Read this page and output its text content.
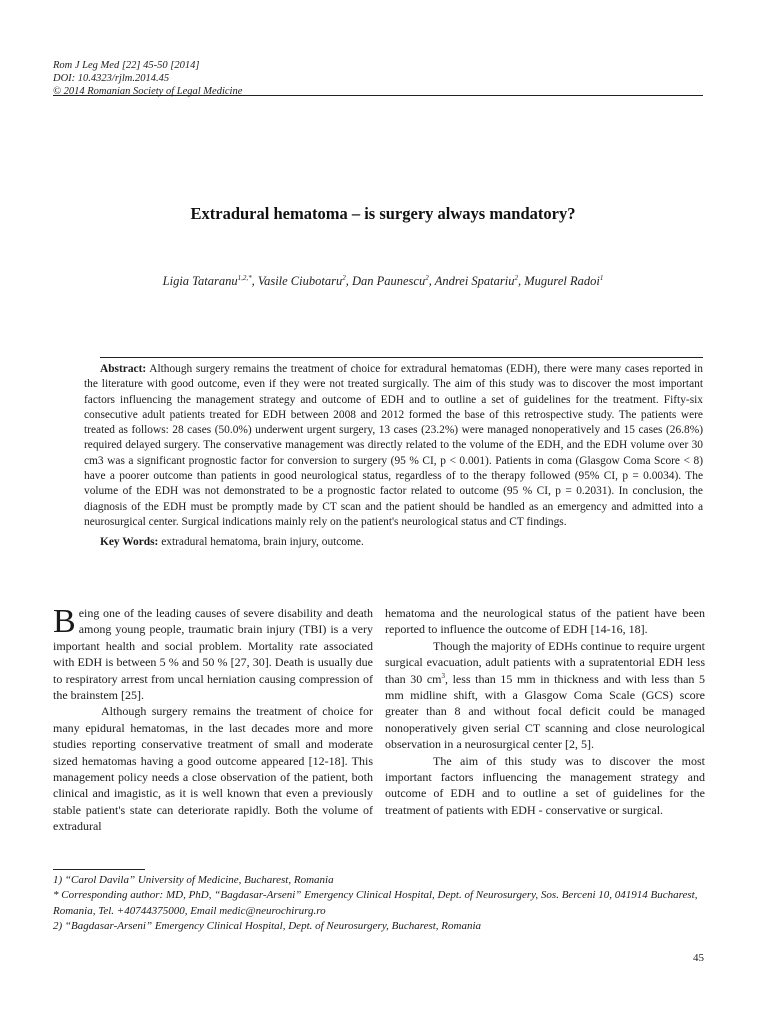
Rom J Leg Med [22] 45-50 [2014]
DOI: 10.4323/rjlm.2014.45
© 2014 Romanian Society of Legal Medicine
Extradural hematoma – is surgery always mandatory?
Ligia Tataranu$^{1,2,*}$, Vasile Ciubotaru$^2$, Dan Paunescu$^2$, Andrei Spatariu$^2$, Mugurel Radoi$^1$

Abstract: Although surgery remains the treatment of choice for extradural hematomas (EDH), there were many cases reported in the literature with good outcome, even if they were not treated surgically. The aim of this study was to discover the most important factors influencing the management strategy and outcome of EDH and to outline a set of guidelines for the treatment. Fifty-six consecutive adult patients treated for EDH between 2008 and 2012 formed the base of this retrospective study. The patients were treated as follows: 28 cases (50.0%) underwent urgent surgery, 13 cases (23.2%) were managed nonoperatively and 15 cases (26.8%) required delayed surgery. The conservative management was directly related to the volume of the EDH, and the EDH volume over 30 cm3 was a significant prognostic factor for conversion to surgery (95 % CI, p < 0.001). Patients in coma (Glasgow Coma Score < 8) have a poorer outcome than patients in good neurological status, regardless of to the therapy followed (95% CI, p = 0.0034). The volume of the EDH was not demonstrated to be a prognostic factor related to outcome (95 % CI, p = 0.2031). In conclusion, the diagnosis of the EDH must be promptly made by CT scan and the patient should be handled as an emergency and admitted into a neurosurgical center. Surgical indications mainly rely on the patient's neurological status and CT findings.

Key Words: extradural hematoma, brain injury, outcome.

Being one of the leading causes of severe disability and death among young people, traumatic brain injury (TBI) is a very important health and social problem. Mortality rate associated with EDH is between 5 % and 50 % [27, 30]. Death is usually due to respiratory arrest from uncal herniation causing compression of the brainstem [25].

Although surgery remains the treatment of choice for many epidural hematomas, in the last decades more and more studies reporting conservative treatment of small and moderate sized hematomas having a good outcome appeared [12-18]. This management policy needs a close observation of the patient, both clinical and imagistic, as it is well known that even a previously stable patient's state can deteriorate rapidly. Both the volume of extradural

hematoma and the neurological status of the patient have been reported to influence the outcome of EDH [14-16, 18].

Though the majority of EDHs continue to require urgent surgical evacuation, adult patients with a supratentorial EDH less than 30 $cm^3$, less than 15 mm in thickness and with less than 5 mm midline shift, with a Glasgow Coma Scale (GCS) score greater than 8 and without focal deficit could be managed nonoperatively given serial CT scanning and close neurological observation in a neurosurgical center [2, 5].

The aim of this study was to discover the most important factors influencing the management strategy and outcome of EDH and to outline a set of guidelines for the treatment of patients with EDH - conservative or surgical.

1) “Carol Davila” University of Medicine, Bucharest, Romania

* Corresponding author: MD, PhD, “Bagdasar-Arseni” Emergency Clinical Hospital, Dept. of Neurosurgery, Sos. Berceni 10, 041914 Bucharest, Romania, Tel. +40744375000, Email medic@neurochirurg.ro

2) “Bagdasar-Arseni” Emergency Clinical Hospital, Dept. of Neurosurgery, Bucharest, Romania

45
